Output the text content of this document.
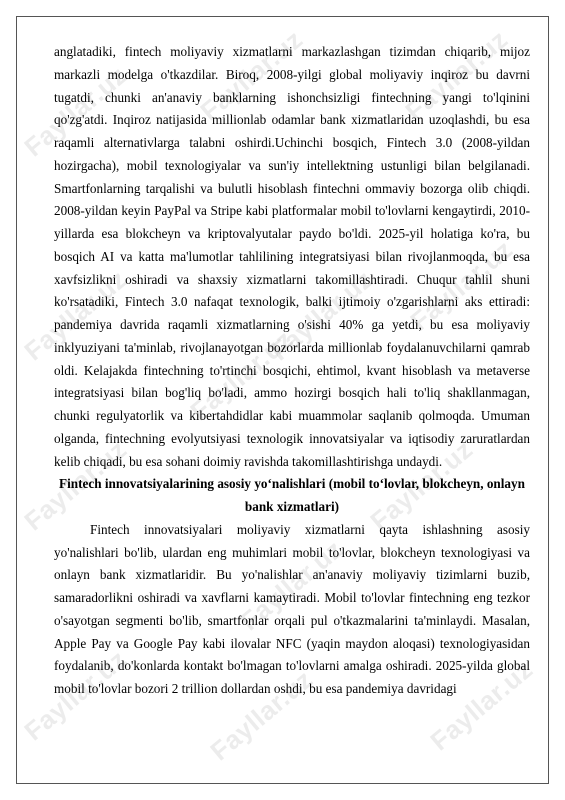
Fayllar.uz Fayllar.uz	Fayllar.uz
Fayllar.uz	Fayllar.uz
Fayllar.uz
Fayllar.uz
Fayllar.uz
Fayllar.uz
Fayllar.uz	Fayllar.uz	Fayllar.uz
Fayllar.uz

anglatadiki, fintech moliyaviy xizmatlarni markazlashgan tizimdan chiqarib, mijoz markazli modelga o'tkazdilar. Biroq, 2008-yilgi global moliyaviy inqiroz bu davrni tugatdi, chunki an'anaviy banklarning ishonchsizligi fintechning yangi to'lqinini qo'zg'atdi. Inqiroz natijasida millionlab odamlar bank xizmatlaridan uzoqlashdi, bu esa raqamli alternativlarga talabni oshirdi.Uchinchi bosqich, Fintech 3.0 (2008-yildan hozirgacha), mobil texnologiyalar va sun'iy intellektning ustunligi bilan belgilanadi. Smartfonlarning tarqalishi va bulutli hisoblash fintechni ommaviy bozorga olib chiqdi. 2008-yildan keyin PayPal va Stripe kabi platformalar mobil to'lovlarni kengaytirdi, 2010-yillarda esa blokcheyn va kriptovalyutalar paydo bo'ldi. 2025-yil holatiga ko'ra, bu bosqich AI va katta ma'lumotlar tahlilining integratsiyasi bilan rivojlanmoqda, bu esa xavfsizlikni oshiradi va shaxsiy xizmatlarni takomillashtiradi. Chuqur tahlil shuni ko'rsatadiki, Fintech 3.0 nafaqat texnologik, balki ijtimoiy o'zgarishlarni aks ettiradi: pandemiya davrida raqamli xizmatlarning o'sishi 40% ga yetdi, bu esa moliyaviy inklyuziyani ta'minlab, rivojlanayotgan bozorlarda millionlab foydalanuvchilarni qamrab oldi. Kelajakda fintechning to'rtinchi bosqichi, ehtimol, kvant hisoblash va metaverse integratsiyasi bilan bog'liq bo'ladi, ammo hozirgi bosqich hali to'liq shakllanmagan, chunki regulyatorlik va kibertahdidlar kabi muammolar saqlanib qolmoqda. Umuman olganda, fintechning evolyutsiyasi texnologik innovatsiyalar va iqtisodiy zaruratlardan kelib chiqadi, bu esa sohani doimiy ravishda takomillashtirishga undaydi.

Fintech innovatsiyalarining asosiy yo‘nalishlari (mobil to‘lovlar, blokcheyn, onlayn bank xizmatlari)

Fintech innovatsiyalari moliyaviy xizmatlarni qayta ishlashning asosiy yo'nalishlari bo'lib, ulardan eng muhimlari mobil to'lovlar, blokcheyn texnologiyasi va onlayn bank xizmatlaridir. Bu yo'nalishlar an'anaviy moliyaviy tizimlarni buzib, samaradorlikni oshiradi va xavflarni kamaytiradi. Mobil to'lovlar fintechning eng tezkor o'sayotgan segmenti bo'lib, smartfonlar orqali pul o'tkazmalarini ta'minlaydi. Masalan, Apple Pay va Google Pay kabi ilovalar NFC (yaqin maydon aloqasi) texnologiyasidan foydalanib, do'konlarda kontakt bo'lmagan to'lovlarni amalga oshiradi. 2025-yilda global mobil to'lovlar bozori 2 trillion dollardan oshdi, bu esa pandemiya davridagi
